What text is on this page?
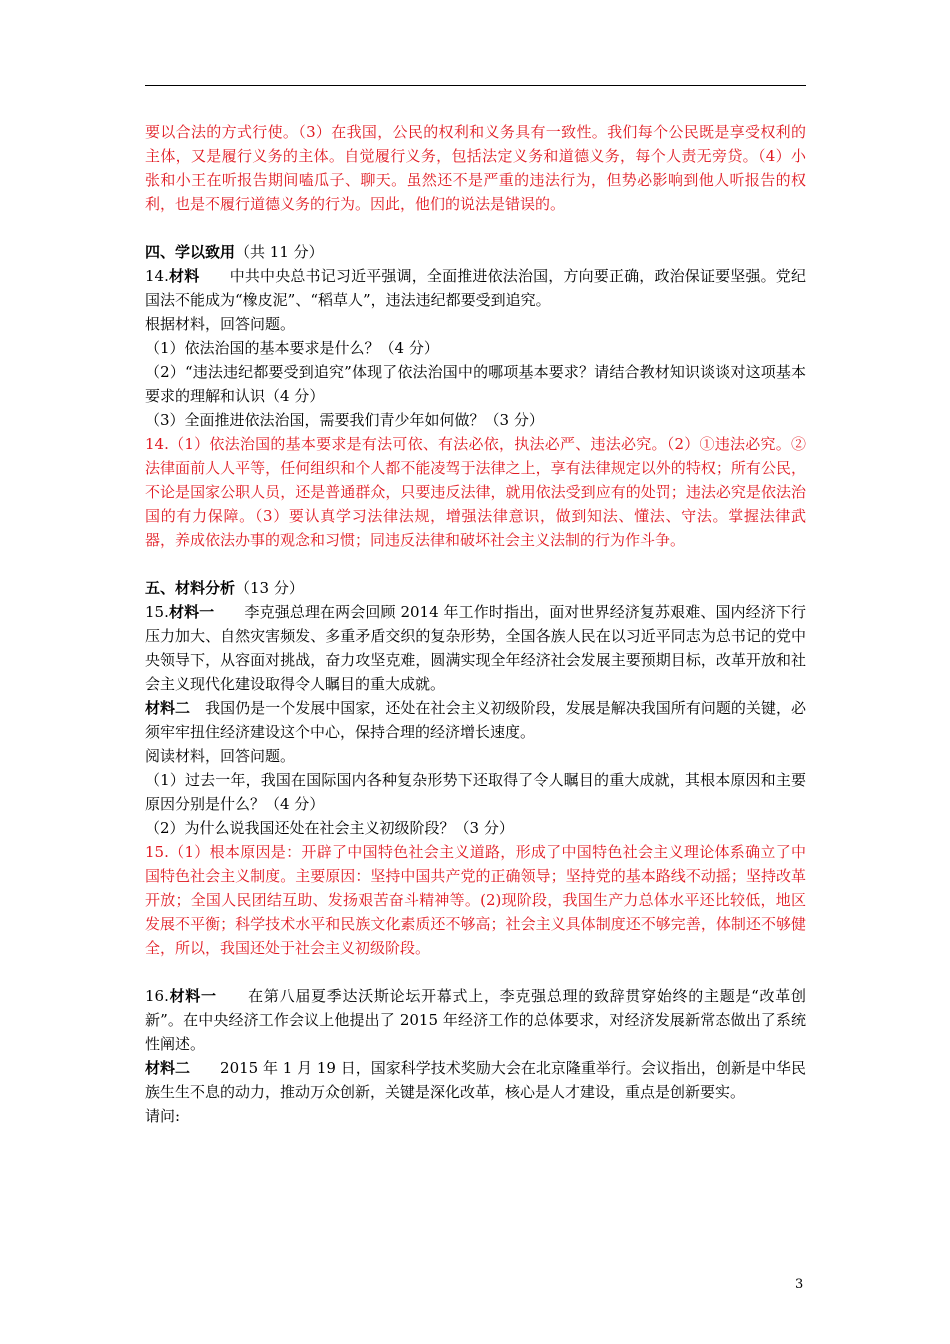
要以合法的方式行使。（3）在我国，公民的权利和义务具有一致性。我们每个公民既是享受权利的主体，又是履行义务的主体。自觉履行义务，包括法定义务和道德义务，每个人责无旁贷。（4）小张和小王在听报告期间嗑瓜子、聊天。虽然还不是严重的违法行为，但势必影响到他人听报告的权利，也是不履行道德义务的行为。因此，他们的说法是错误的。

四、学以致用（共 11 分）

14.材料　　中共中央总书记习近平强调，全面推进依法治国，方向要正确，政治保证要坚强。党纪国法不能成为“橡皮泥”、“稻草人”，违法违纪都要受到追究。

根据材料，回答问题。

（1）依法治国的基本要求是什么？（4 分）

（2）“违法违纪都要受到追究”体现了依法治国中的哪项基本要求？请结合教材知识谈谈对这项基本要求的理解和认识（4 分）

（3）全面推进依法治国，需要我们青少年如何做？（3 分）

14.（1）依法治国的基本要求是有法可依、有法必依，执法必严、违法必究。（2）①违法必究。②法律面前人人平等，任何组织和个人都不能凌驾于法律之上，享有法律规定以外的特权；所有公民，不论是国家公职人员，还是普通群众，只要违反法律，就用依法受到应有的处罚；违法必究是依法治国的有力保障。（3）要认真学习法律法规，增强法律意识，做到知法、懂法、守法。掌握法律武器，养成依法办事的观念和习惯；同违反法律和破坏社会主义法制的行为作斗争。

五、材料分析（13 分）

15.材料一　　李克强总理在两会回顾 2014 年工作时指出，面对世界经济复苏艰难、国内经济下行压力加大、自然灾害频发、多重矛盾交织的复杂形势，全国各族人民在以习近平同志为总书记的党中央领导下，从容面对挑战，奋力攻坚克难，圆满实现全年经济社会发展主要预期目标，改革开放和社会主义现代化建设取得令人瞩目的重大成就。

材料二　我国仍是一个发展中国家，还处在社会主义初级阶段，发展是解决我国所有问题的关键，必须牢牢扭住经济建设这个中心，保持合理的经济增长速度。

阅读材料，回答问题。

（1）过去一年，我国在国际国内各种复杂形势下还取得了令人瞩目的重大成就，其根本原因和主要原因分别是什么？（4 分）

（2）为什么说我国还处在社会主义初级阶段？（3 分）

15.（1）根本原因是：开辟了中国特色社会主义道路，形成了中国特色社会主义理论体系确立了中国特色社会主义制度。主要原因：坚持中国共产党的正确领导；坚持党的基本路线不动摇；坚持改革开放；全国人民团结互助、发扬艰苦奋斗精神等。(2)现阶段，我国生产力总体水平还比较低，地区发展不平衡；科学技术水平和民族文化素质还不够高；社会主义具体制度还不够完善，体制还不够健全，所以，我国还处于社会主义初级阶段。

16.材料一　　在第八届夏季达沃斯论坛开幕式上，李克强总理的致辞贯穿始终的主题是“改革创新”。在中央经济工作会议上他提出了 2015 年经济工作的总体要求，对经济发展新常态做出了系统性阐述。

材料二　　2015 年 1 月 19 日，国家科学技术奖励大会在北京隆重举行。会议指出，创新是中华民族生生不息的动力，推动万众创新，关键是深化改革，核心是人才建设，重点是创新要实。

请问:

3
